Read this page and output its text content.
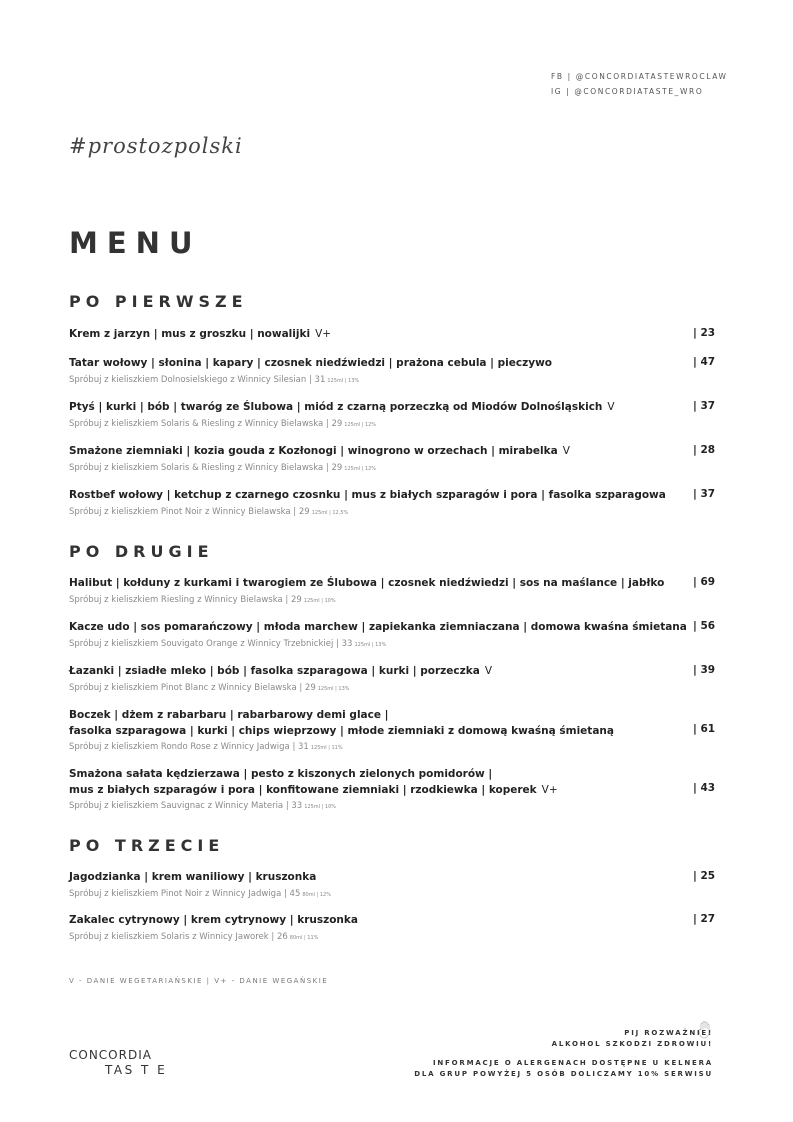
FB | @CONCORDIATASTEWROCLAW
IG | @CONCORDIATASTE_WRO
#prostozpolski
MENU
PO PIERWSZE
Krem z jarzyn | mus z groszku | nowalijki V+	| 23
Tatar wołowy | słonina | kapary | czosnek niedźwiedzi | prażona cebula | pieczywo
Spróbuj z kieliszkiem Dolnosielskiego z Winnicy Silesian | 31 125ml | 13%
| 47
Ptyś | kurki | bób | twaróg ze Ślubowa | miód z czarną porzeczką od Miodów Dolnośląskich V
Spróbuj z kieliszkiem Solaris & Riesling z Winnicy Bielawska | 29 125ml | 12%
| 37
Smażone ziemniaki | kozia gouda z Kozłonogi | winogrono w orzechach | mirabelka V
Spróbuj z kieliszkiem Solaris & Riesling z Winnicy Bielawska | 29 125ml | 12%
| 28
Rostbef wołowy | ketchup z czarnego czosnku | mus z białych szparagów i pora | fasolka szparagowa
Spróbuj z kieliszkiem Pinot Noir z Winnicy Bielawska | 29 125ml | 12,5%
| 37
PO DRUGIE
Halibut | kołduny z kurkami i twarogiem ze Ślubowa | czosnek niedźwiedzi | sos na maślance | jabłko
Spróbuj z kieliszkiem Riesling z Winnicy Bielawska | 29 125ml | 10%
| 69
Kacze udo | sos pomarańczowy | młoda marchew | zapiekanka ziemniaczana | domowa kwaśna śmietana
Spróbuj z kieliszkiem Souvigato Orange z Winnicy Trzebnickiej | 33 125ml | 13%
| 56
Łazanki | zsiadłe mleko | bób | fasolka szparagowa | kurki | porzeczka V
Spróbuj z kieliszkiem Pinot Blanc z Winnicy Bielawska | 29 125ml | 13%
| 39
Boczek | dżem z rabarbaru | rabarbarowy demi glace |
fasolka szparagowa | kurki | chips wieprzowy | młode ziemniaki z domową kwaśną śmietaną
Spróbuj z kieliszkiem Rondo Rose z Winnicy Jadwiga | 31 125ml | 11%
| 61
Smażona sałata kędzierzawa | pesto z kiszonych zielonych pomidorów |
mus z białych szparagów i pora | konfitowane ziemniaki | rzodkiewka | koperek V+
Spróbuj z kieliszkiem Sauvignac z Winnicy Materia | 33 125ml | 10%
| 43
PO TRZECIE
Jagodzianka | krem waniliowy | kruszonka
Spróbuj z kieliszkiem Pinot Noir z Winnicy Jadwiga | 45 80ml | 12%
| 25
Zakalec cytrynowy | krem cytrynowy | kruszonka
Spróbuj z kieliszkiem Solaris z Winnicy Jaworek | 26 80ml | 11%
| 27
V - DANIE WEGETARIAŃSKIE | V+ - DANIE WEGAŃSKIE
CONCORDIA
TAS T E
PIJ ROZWAŻNIE!
ALKOHOL SZKODZI ZDROWIU!
INFORMACJE O ALERGENACH DOSTĘPNE U KELNERA
DLA GRUP POWYŻEJ 5 OSÓB DOLICZAMY 10% SERWISU
